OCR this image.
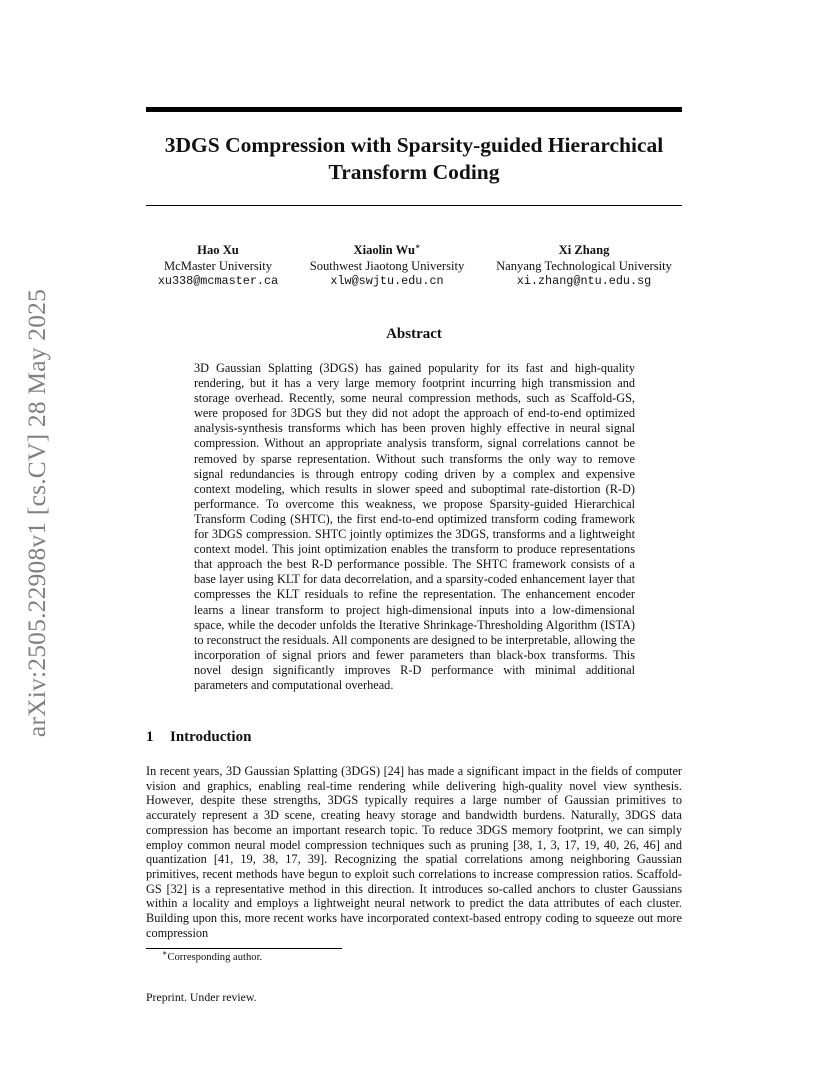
arXiv:2505.22908v1 [cs.CV] 28 May 2025
3DGS Compression with Sparsity-guided Hierarchical Transform Coding
Hao Xu
McMaster University
xu338@mcmaster.ca
Xiaolin Wu∗
Southwest Jiaotong University
xlw@swjtu.edu.cn
Xi Zhang
Nanyang Technological University
xi.zhang@ntu.edu.sg
Abstract

3D Gaussian Splatting (3DGS) has gained popularity for its fast and high-quality rendering, but it has a very large memory footprint incurring high transmission and storage overhead. Recently, some neural compression methods, such as Scaffold-GS, were proposed for 3DGS but they did not adopt the approach of end-to-end optimized analysis-synthesis transforms which has been proven highly effective in neural signal compression. Without an appropriate analysis transform, signal correlations cannot be removed by sparse representation. Without such transforms the only way to remove signal redundancies is through entropy coding driven by a complex and expensive context modeling, which results in slower speed and suboptimal rate-distortion (R-D) performance. To overcome this weakness, we propose Sparsity-guided Hierarchical Transform Coding (SHTC), the first end-to-end optimized transform coding framework for 3DGS compression. SHTC jointly optimizes the 3DGS, transforms and a lightweight context model. This joint optimization enables the transform to produce representations that approach the best R-D performance possible. The SHTC framework consists of a base layer using KLT for data decorrelation, and a sparsity-coded enhancement layer that compresses the KLT residuals to refine the representation. The enhancement encoder learns a linear transform to project high-dimensional inputs into a low-dimensional space, while the decoder unfolds the Iterative Shrinkage-Thresholding Algorithm (ISTA) to reconstruct the residuals. All components are designed to be interpretable, allowing the incorporation of signal priors and fewer parameters than black-box transforms. This novel design significantly improves R-D performance with minimal additional parameters and computational overhead.

1 Introduction

In recent years, 3D Gaussian Splatting (3DGS) [24] has made a significant impact in the fields of computer vision and graphics, enabling real-time rendering while delivering high-quality novel view synthesis. However, despite these strengths, 3DGS typically requires a large number of Gaussian primitives to accurately represent a 3D scene, creating heavy storage and bandwidth burdens. Naturally, 3DGS data compression has become an important research topic. To reduce 3DGS memory footprint, we can simply employ common neural model compression techniques such as pruning [38, 1, 3, 17, 19, 40, 26, 46] and quantization [41, 19, 38, 17, 39]. Recognizing the spatial correlations among neighboring Gaussian primitives, recent methods have begun to exploit such correlations to increase compression ratios. Scaffold-GS [32] is a representative method in this direction. It introduces so-called anchors to cluster Gaussians within a locality and employs a lightweight neural network to predict the data attributes of each cluster. Building upon this, more recent works have incorporated context-based entropy coding to squeeze out more compression

∗Corresponding author.

Preprint. Under review.
